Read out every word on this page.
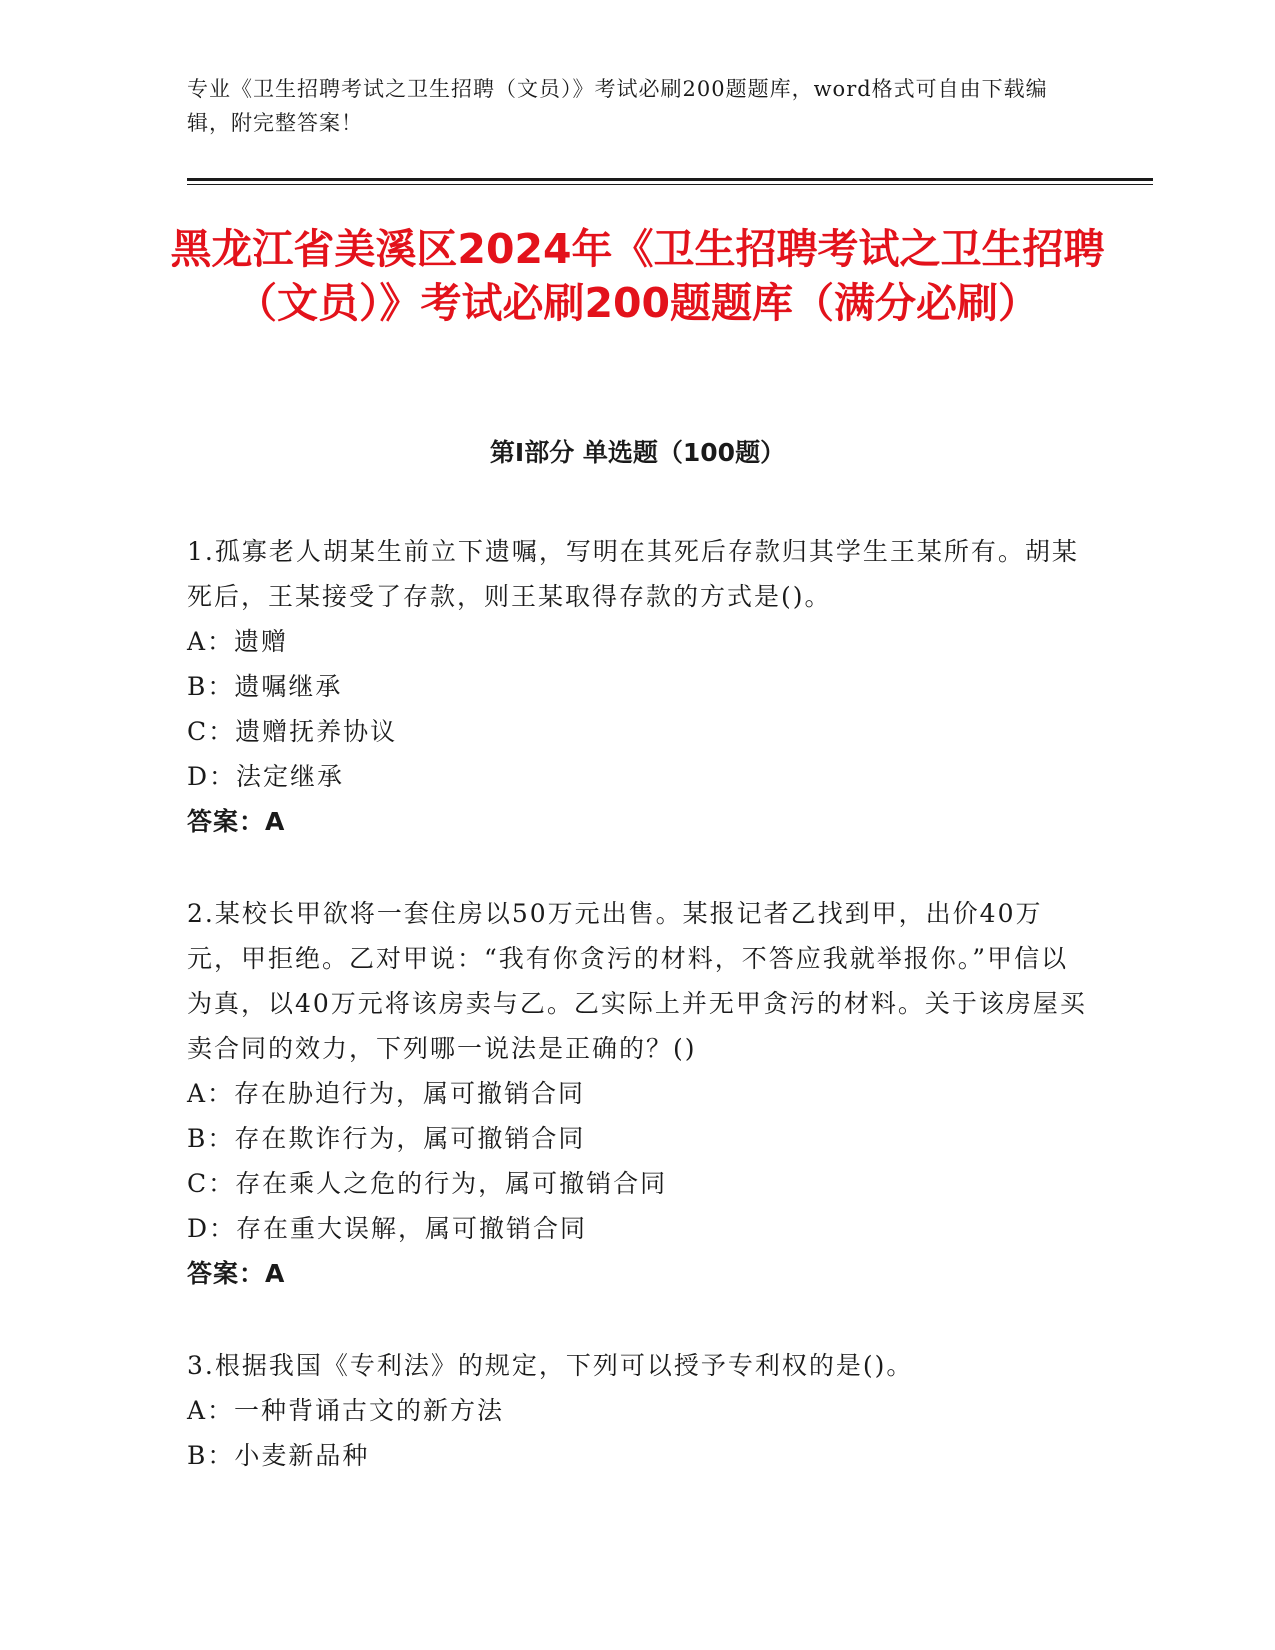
专业《卫生招聘考试之卫生招聘（文员）》考试必刷200题题库，word格式可自由下载编辑，附完整答案！
黑龙江省美溪区2024年《卫生招聘考试之卫生招聘（文员）》考试必刷200题题库（满分必刷）
第I部分 单选题（100题）
1.孤寡老人胡某生前立下遗嘱，写明在其死后存款归其学生王某所有。胡某死后，王某接受了存款，则王某取得存款的方式是()。
A：遗赠
B：遗嘱继承
C：遗赠抚养协议
D：法定继承
答案：A
2.某校长甲欲将一套住房以50万元出售。某报记者乙找到甲，出价40万元，甲拒绝。乙对甲说：“我有你贪污的材料，不答应我就举报你。”甲信以为真，以40万元将该房卖与乙。乙实际上并无甲贪污的材料。关于该房屋买卖合同的效力，下列哪一说法是正确的？()
A：存在胁迫行为，属可撤销合同
B：存在欺诈行为，属可撤销合同
C：存在乘人之危的行为，属可撤销合同
D：存在重大误解，属可撤销合同
答案：A
3.根据我国《专利法》的规定，下列可以授予专利权的是()。
A：一种背诵古文的新方法
B：小麦新品种
